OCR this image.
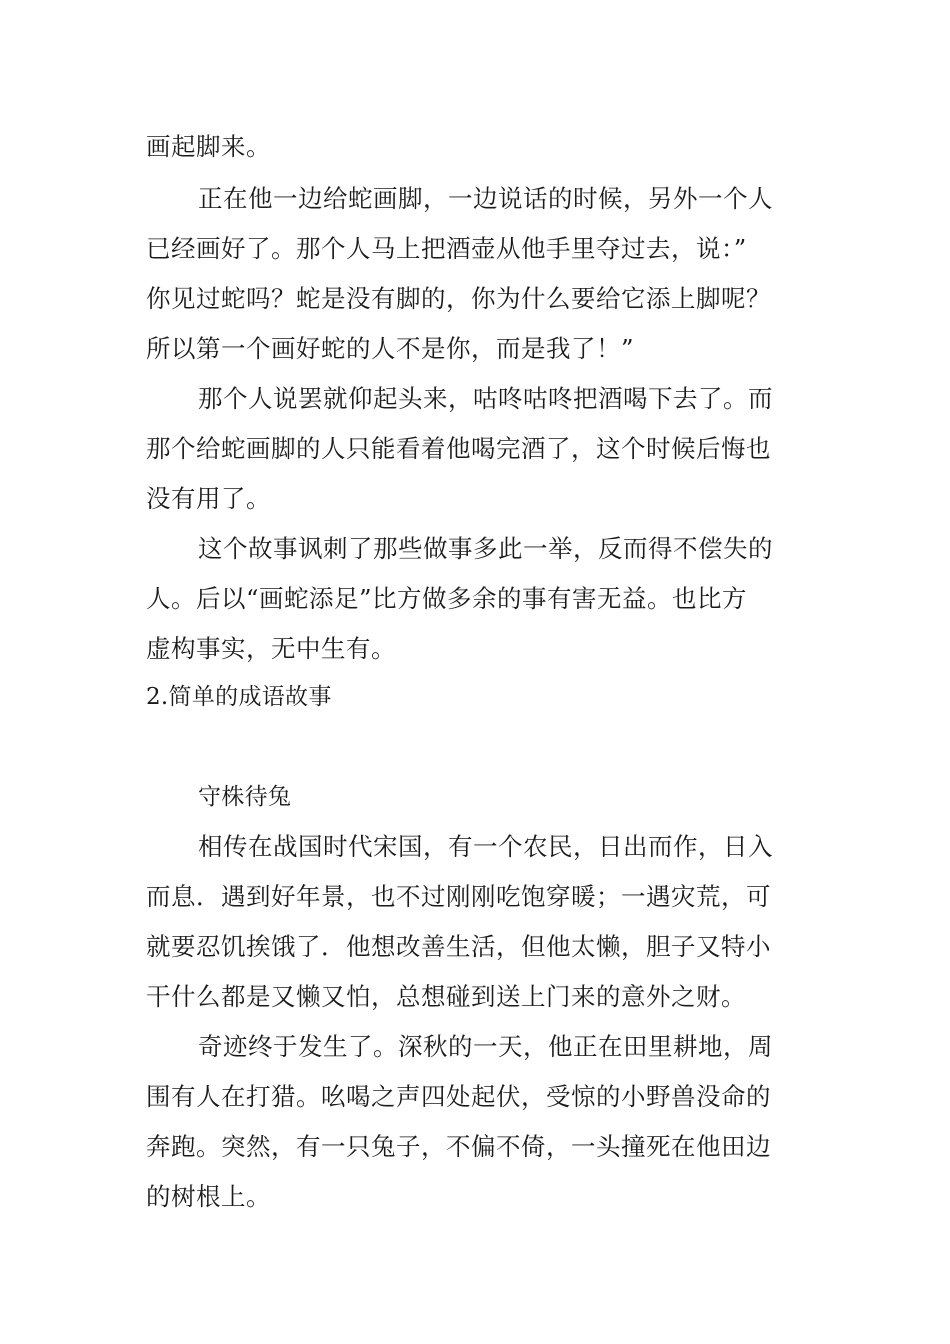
画起脚来。
正在他一边给蛇画脚，一边说话的时候，另外一个人
已经画好了。那个人马上把酒壶从他手里夺过去，说：”
你见过蛇吗？蛇是没有脚的，你为什么要给它添上脚呢？
所以第一个画好蛇的人不是你，而是我了！”
那个人说罢就仰起头来，咕咚咕咚把酒喝下去了。而
那个给蛇画脚的人只能看着他喝完酒了，这个时候后悔也
没有用了。
这个故事讽刺了那些做事多此一举，反而得不偿失的
人。后以“画蛇添足”比方做多余的事有害无益。也比方
虚构事实，无中生有。
2.简单的成语故事
守株待兔
相传在战国时代宋国，有一个农民，日出而作，日入
而息．遇到好年景，也不过刚刚吃饱穿暖；一遇灾荒，可
就要忍饥挨饿了．他想改善生活，但他太懒，胆子又特小
干什么都是又懒又怕，总想碰到送上门来的意外之财。
奇迹终于发生了。深秋的一天，他正在田里耕地，周
围有人在打猎。吆喝之声四处起伏，受惊的小野兽没命的
奔跑。突然，有一只兔子，不偏不倚，一头撞死在他田边
的树根上。
